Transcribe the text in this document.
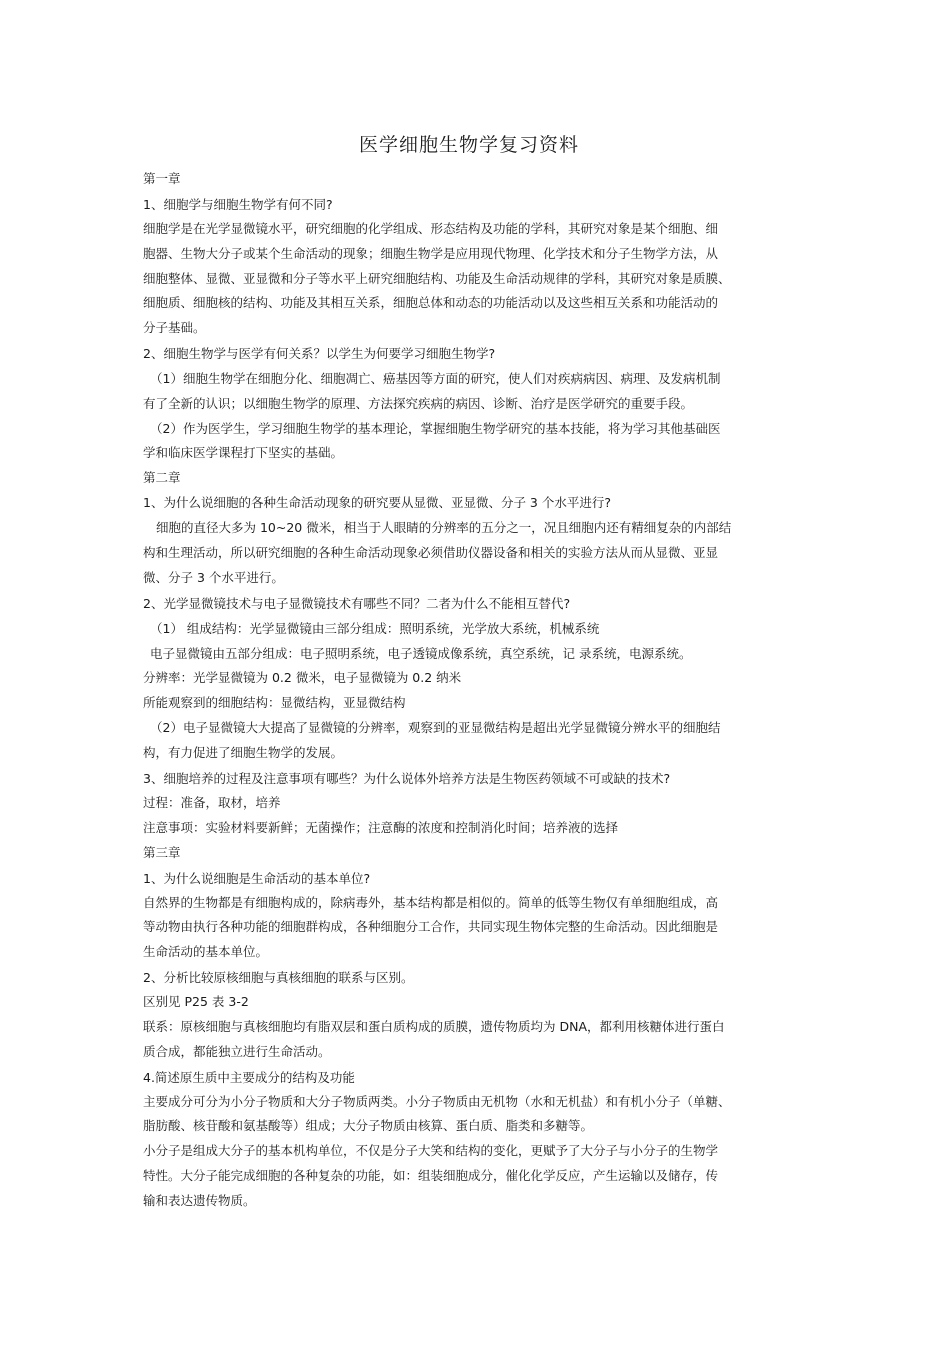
医学细胞生物学复习资料
第一章
1、细胞学与细胞生物学有何不同?
细胞学是在光学显微镜水平，研究细胞的化学组成、形态结构及功能的学科，其研究对象是某个细胞、细
胞器、生物大分子或某个生命活动的现象；细胞生物学是应用现代物理、化学技术和分子生物学方法，从
细胞整体、显微、亚显微和分子等水平上研究细胞结构、功能及生命活动规律的学科，其研究对象是质膜、
细胞质、细胞核的结构、功能及其相互关系，细胞总体和动态的功能活动以及这些相互关系和功能活动的
分子基础。
2、细胞生物学与医学有何关系？以学生为何要学习细胞生物学?
（1）细胞生物学在细胞分化、细胞凋亡、癌基因等方面的研究，使人们对疾病病因、病理、及发病机制
有了全新的认识；以细胞生物学的原理、方法探究疾病的病因、诊断、治疗是医学研究的重要手段。
（2）作为医学生，学习细胞生物学的基本理论，掌握细胞生物学研究的基本技能，将为学习其他基础医
学和临床医学课程打下坚实的基础。
第二章
1、为什么说细胞的各种生命活动现象的研究要从显微、亚显微、分子 3 个水平进行?
细胞的直径大多为 10~20 微米，相当于人眼睛的分辨率的五分之一，况且细胞内还有精细复杂的内部结
构和生理活动，所以研究细胞的各种生命活动现象必须借助仪器设备和相关的实验方法从而从显微、亚显
微、分子 3 个水平进行。
2、光学显微镜技术与电子显微镜技术有哪些不同？二者为什么不能相互替代?
（1） 组成结构：光学显微镜由三部分组成：照明系统，光学放大系统，机械系统
电子显微镜由五部分组成：电子照明系统，电子透镜成像系统，真空系统，记 录系统，电源系统。
分辨率：光学显微镜为 0.2 微米，电子显微镜为 0.2 纳米
所能观察到的细胞结构：显微结构，亚显微结构
（2）电子显微镜大大提高了显微镜的分辨率，观察到的亚显微结构是超出光学显微镜分辨水平的细胞结
构，有力促进了细胞生物学的发展。
3、细胞培养的过程及注意事项有哪些？为什么说体外培养方法是生物医药领域不可或缺的技术?
过程：准备，取材，培养
注意事项：实验材料要新鲜；无菌操作；注意酶的浓度和控制消化时间；培养液的选择
第三章
1、为什么说细胞是生命活动的基本单位?
自然界的生物都是有细胞构成的，除病毒外，基本结构都是相似的。简单的低等生物仅有单细胞组成，高
等动物由执行各种功能的细胞群构成，各种细胞分工合作，共同实现生物体完整的生命活动。因此细胞是
生命活动的基本单位。
2、分析比较原核细胞与真核细胞的联系与区别。
区别见 P25 表 3-2
联系：原核细胞与真核细胞均有脂双层和蛋白质构成的质膜，遗传物质均为 DNA，都利用核糖体进行蛋白
质合成，都能独立进行生命活动。
4.简述原生质中主要成分的结构及功能
主要成分可分为小分子物质和大分子物质两类。小分子物质由无机物（水和无机盐）和有机小分子（单糖、
脂肪酸、核苷酸和氨基酸等）组成；大分子物质由核算、蛋白质、脂类和多糖等。
小分子是组成大分子的基本机构单位，不仅是分子大笑和结构的变化，更赋予了大分子与小分子的生物学
特性。大分子能完成细胞的各种复杂的功能，如：组装细胞成分，催化化学反应，产生运输以及储存，传
输和表达遗传物质。
